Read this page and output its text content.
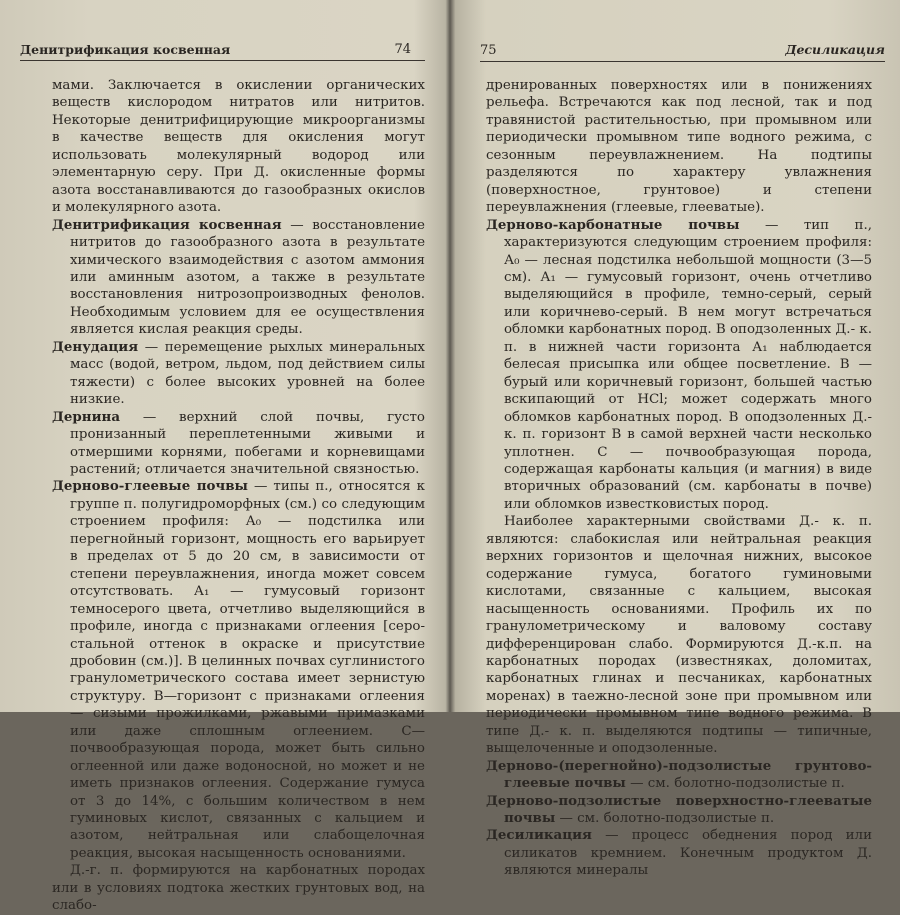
Денитрификация косвенная	74

мами. Заключается в окислении органических веществ кислородом нитратов или нитритов. Некоторые денитрифицирующие микроорганизмы в качестве веществ для окисления могут использовать молекулярный водород или элементарную серу. При Д. окисленные формы азота восстанавливаются до газообразных окислов и молекулярного азота.

Денитрификация косвенная — восстановление нитритов до газообразного азота в результате химического взаимодействия с азотом аммония или аминным азотом, а также в результате восстановления нитрозопроизводных фенолов. Необходимым условием для ее осуществления является кислая реакция среды.

Денудация — перемещение рыхлых минеральных масс (водой, ветром, льдом, под действием силы тяжести) с более высоких уровней на более низкие.

Дернина — верхний слой почвы, густо пронизанный переплетенными живыми и отмершими корнями, побегами и корневищами растений; отличается значительной связностью.

Дерново-глеевые почвы — типы п., относятся к группе п. полугидроморфных (см.) со следующим строением профиля: А₀ — подстилка или перегнойный горизонт, мощность его варьирует в пределах от 5 до 20 см, в зависимости от степени переувлажнения, иногда может совсем отсутствовать. А₁ — гумусовый горизонт темносерого цвета, отчетливо выделяющийся в профиле, иногда с признаками оглеения [серо-стальной оттенок в окраске и присутствие дробовин (см.)]. В целинных почвах суглинистого гранулометрического состава имеет зернистую структуру. В—горизонт с признаками оглеения — сизыми прожилками, ржавыми примазками или даже сплошным оглеением. С—почвообразующая порода, может быть сильно оглеенной или даже водоносной, но может и не иметь признаков оглеения. Содержание гумуса от 3 до 14%, с большим количеством в нем гуминовых кислот, связанных с кальцием и азотом, нейтральная или слабощелочная реакция, высокая насыщенность основаниями.

Д.-г. п. формируются на карбонатных породах или в условиях подтока жестких грунтовых вод, на слабо-

75	Десиликация

дренированных поверхностях или в понижениях рельефа. Встречаются как под лесной, так и под травянистой растительностью, при промывном или периодически промывном типе водного режима, с сезонным переувлажнением. На подтипы разделяются по характеру увлажнения (поверхностное, грунтовое) и степени переувлажнения (глеевые, глееватые).

Дерново-карбонатные почвы — тип п., характеризуются следующим строением профиля: А₀ — лесная подстилка небольшой мощности (3—5 см). А₁ — гумусовый горизонт, очень отчетливо выделяющийся в профиле, темно-серый, серый или коричнево-серый. В нем могут встречаться обломки карбонатных пород. В оподзоленных Д.- к. п. в нижней части горизонта А₁ наблюдается белесая присыпка или общее посветление. В — бурый или коричневый горизонт, большей частью вскипающий от HCl; может содержать много обломков карбонатных пород. В оподзоленных Д.- к. п. горизонт В в самой верхней части несколько уплотнен. С — почвообразующая порода, содержащая карбонаты кальция (и магния) в виде вторичных образований (см. карбонаты в почве) или обломков известковистых пород.

Наиболее характерными свойствами Д.- к. п. являются: слабокислая или нейтральная реакция верхних горизонтов и щелочная нижних, высокое содержание гумуса, богатого гуминовыми кислотами, связанные с кальцием, высокая насыщенность основаниями. Профиль их по гранулометрическому и валовому составу дифференцирован слабо. Формируются Д.-к.п. на карбонатных породах (известняках, доломитах, карбонатных глинах и песчаниках, карбонатных моренах) в таежно-лесной зоне при промывном или периодически промывном типе водного режима. В типе Д.- к. п. выделяются подтипы — типичные, выщелоченные и оподзоленные.

Дерново-(перегнойно)-подзолистые грунтово-глеевые почвы — см. болотно-подзолистые п.

Дерново-подзолистые поверхностно-глееватые почвы — см. болотно-подзолистые п.

Десиликация — процесс обеднения пород или силикатов кремнием. Конечным продуктом Д. являются минералы
